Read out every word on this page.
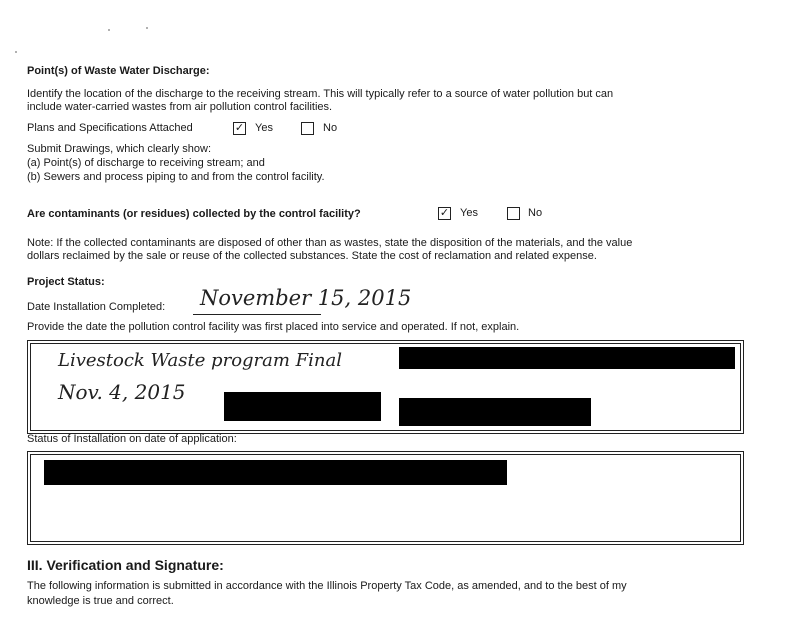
Point(s) of Waste Water Discharge:
Identify the location of the discharge to the receiving stream. This will typically refer to a source of water pollution but can
include water-carried wastes from air pollution control facilities.
Plans and Specifications Attached	✓ Yes	No
Submit Drawings, which clearly show:
(a) Point(s) of discharge to receiving stream; and
(b) Sewers and process piping to and from the control facility.
Are contaminants (or residues) collected by the control facility?	✓ Yes	No
Note: If the collected contaminants are disposed of other than as wastes, state the disposition of the materials, and the value
dollars reclaimed by the sale or reuse of the collected substances. State the cost of reclamation and related expense.
Project Status:
Date Installation Completed: November 15, 2015
Provide the date the pollution control facility was first placed into service and operated. If not, explain.
Livestock Waste program Final
Nov. 4, 2015
Status of Installation on date of application:
III. Verification and Signature:
The following information is submitted in accordance with the Illinois Property Tax Code, as amended, and to the best of my
knowledge is true and correct.
